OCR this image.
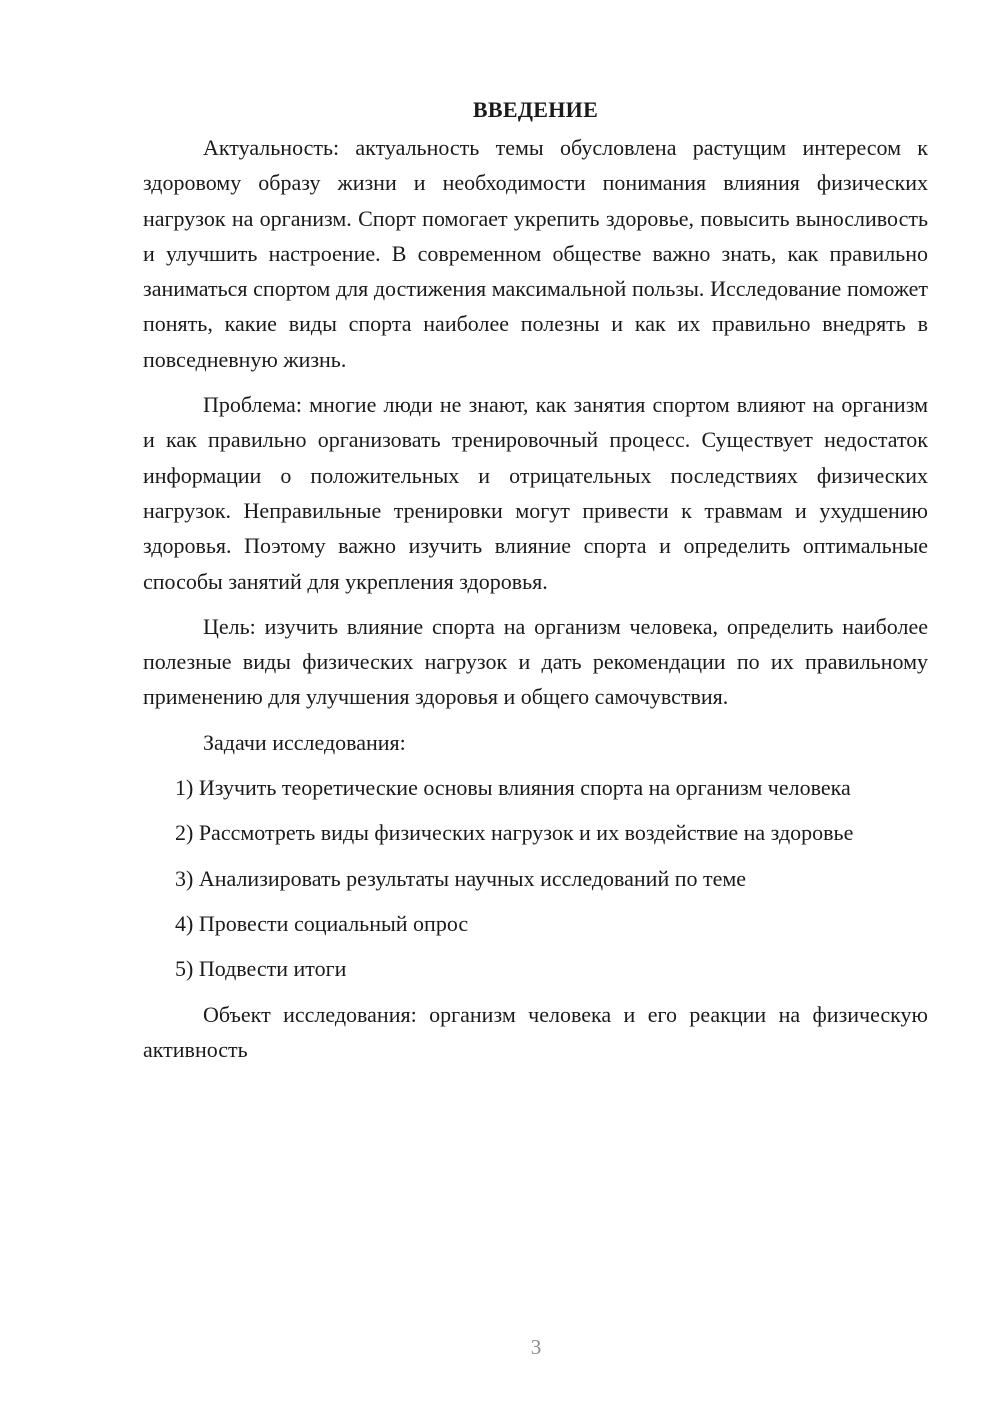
ВВЕДЕНИЕ

Актуальность: актуальность темы обусловлена растущим интересом к здоровому образу жизни и необходимости понимания влияния физических нагрузок на организм. Спорт помогает укрепить здоровье, повысить выносливость и улучшить настроение. В современном обществе важно знать, как правильно заниматься спортом для достижения максимальной пользы. Исследование поможет понять, какие виды спорта наиболее полезны и как их правильно внедрять в повседневную жизнь.

Проблема: многие люди не знают, как занятия спортом влияют на организм и как правильно организовать тренировочный процесс. Существует недостаток информации о положительных и отрицательных последствиях физических нагрузок. Неправильные тренировки могут привести к травмам и ухудшению здоровья. Поэтому важно изучить влияние спорта и определить оптимальные способы занятий для укрепления здоровья.

Цель: изучить влияние спорта на организм человека, определить наиболее полезные виды физических нагрузок и дать рекомендации по их правильному применению для улучшения здоровья и общего самочувствия.

Задачи исследования:

1) Изучить теоретические основы влияния спорта на организм человека

2) Рассмотреть виды физических нагрузок и их воздействие на здоровье

3) Анализировать результаты научных исследований по теме

4) Провести социальный опрос

5) Подвести итоги

Объект исследования: организм человека и его реакции на физическую активность

3
